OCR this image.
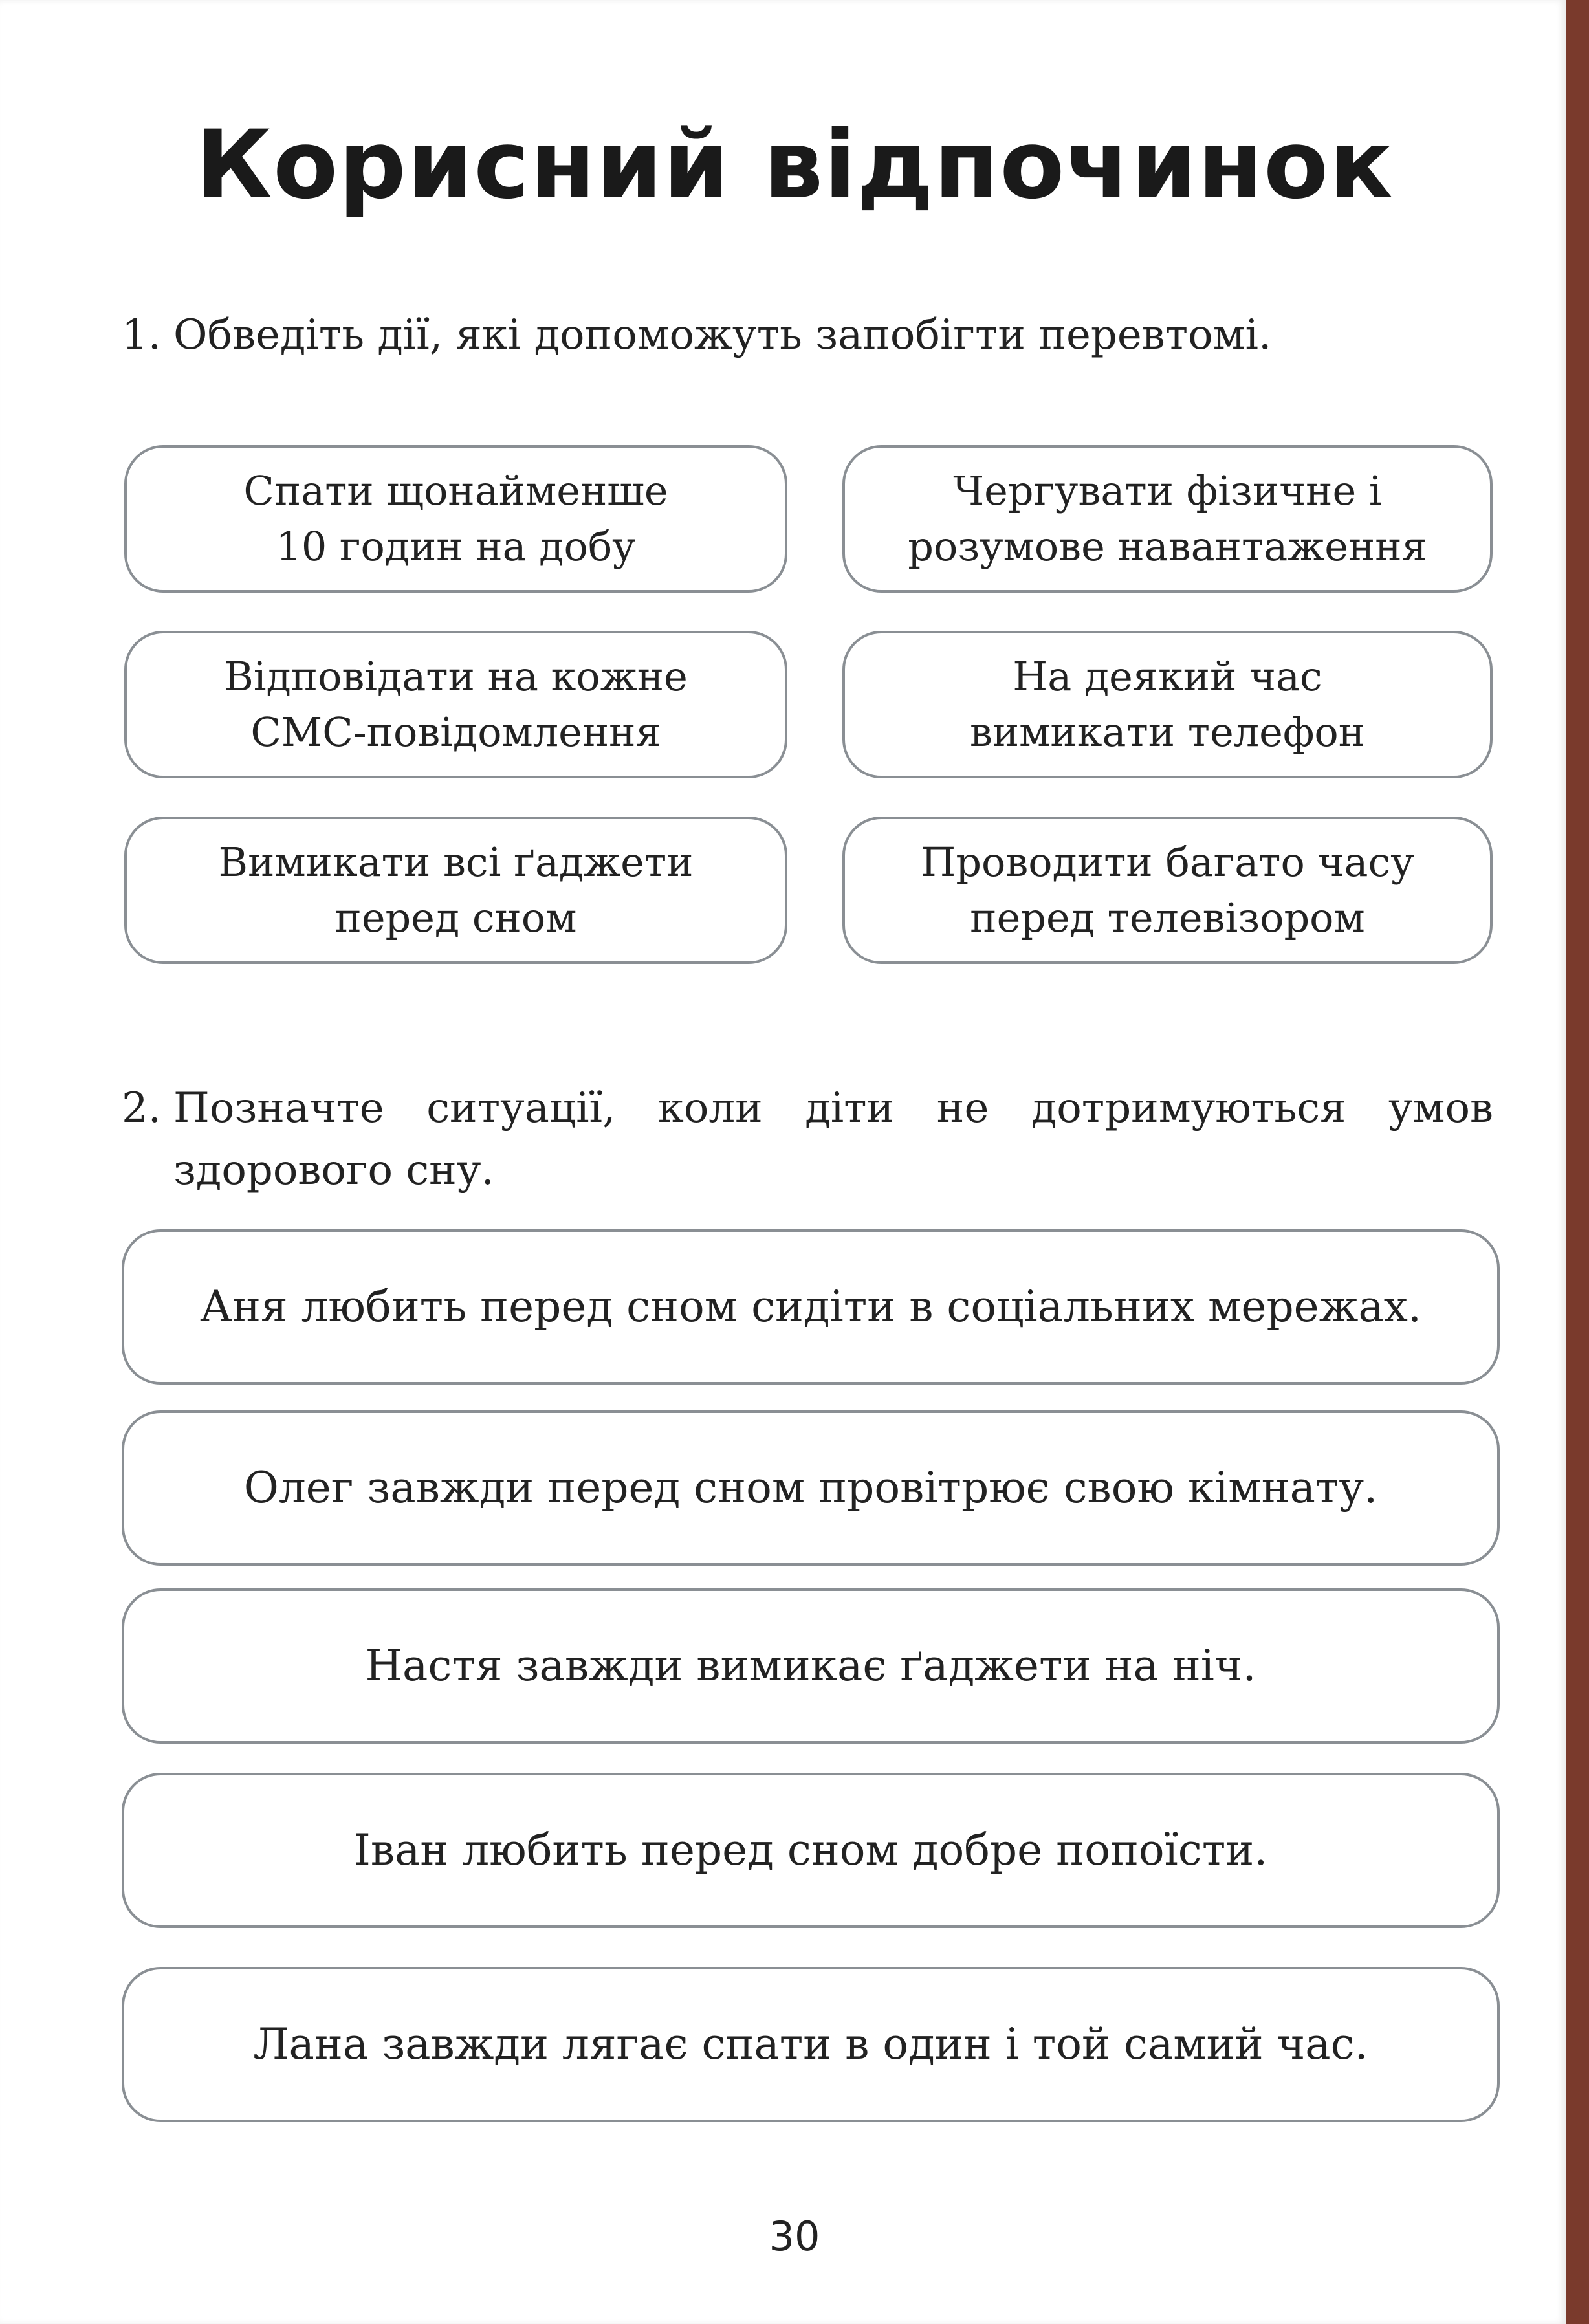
Корисний відпочинок
1. Обведіть дії, які допоможуть запобігти перевтомі.
Спати щонайменше
10 годин на добу
Чергувати фізичне і
розумове навантаження
Відповідати на кожне
СМС-повідомлення
На деякий час
вимикати телефон
Вимикати всі ґаджети
перед сном
Проводити багато часу
перед телевізором
2. Позначте ситуації, коли діти не дотримуються умов здорового сну.
Аня любить перед сном сидіти в соціальних мережах.
Олег завжди перед сном провітрює свою кімнату.
Настя завжди вимикає ґаджети на ніч.
Іван любить перед сном добре попоїсти.
Лана завжди лягає спати в один і той самий час.
30
